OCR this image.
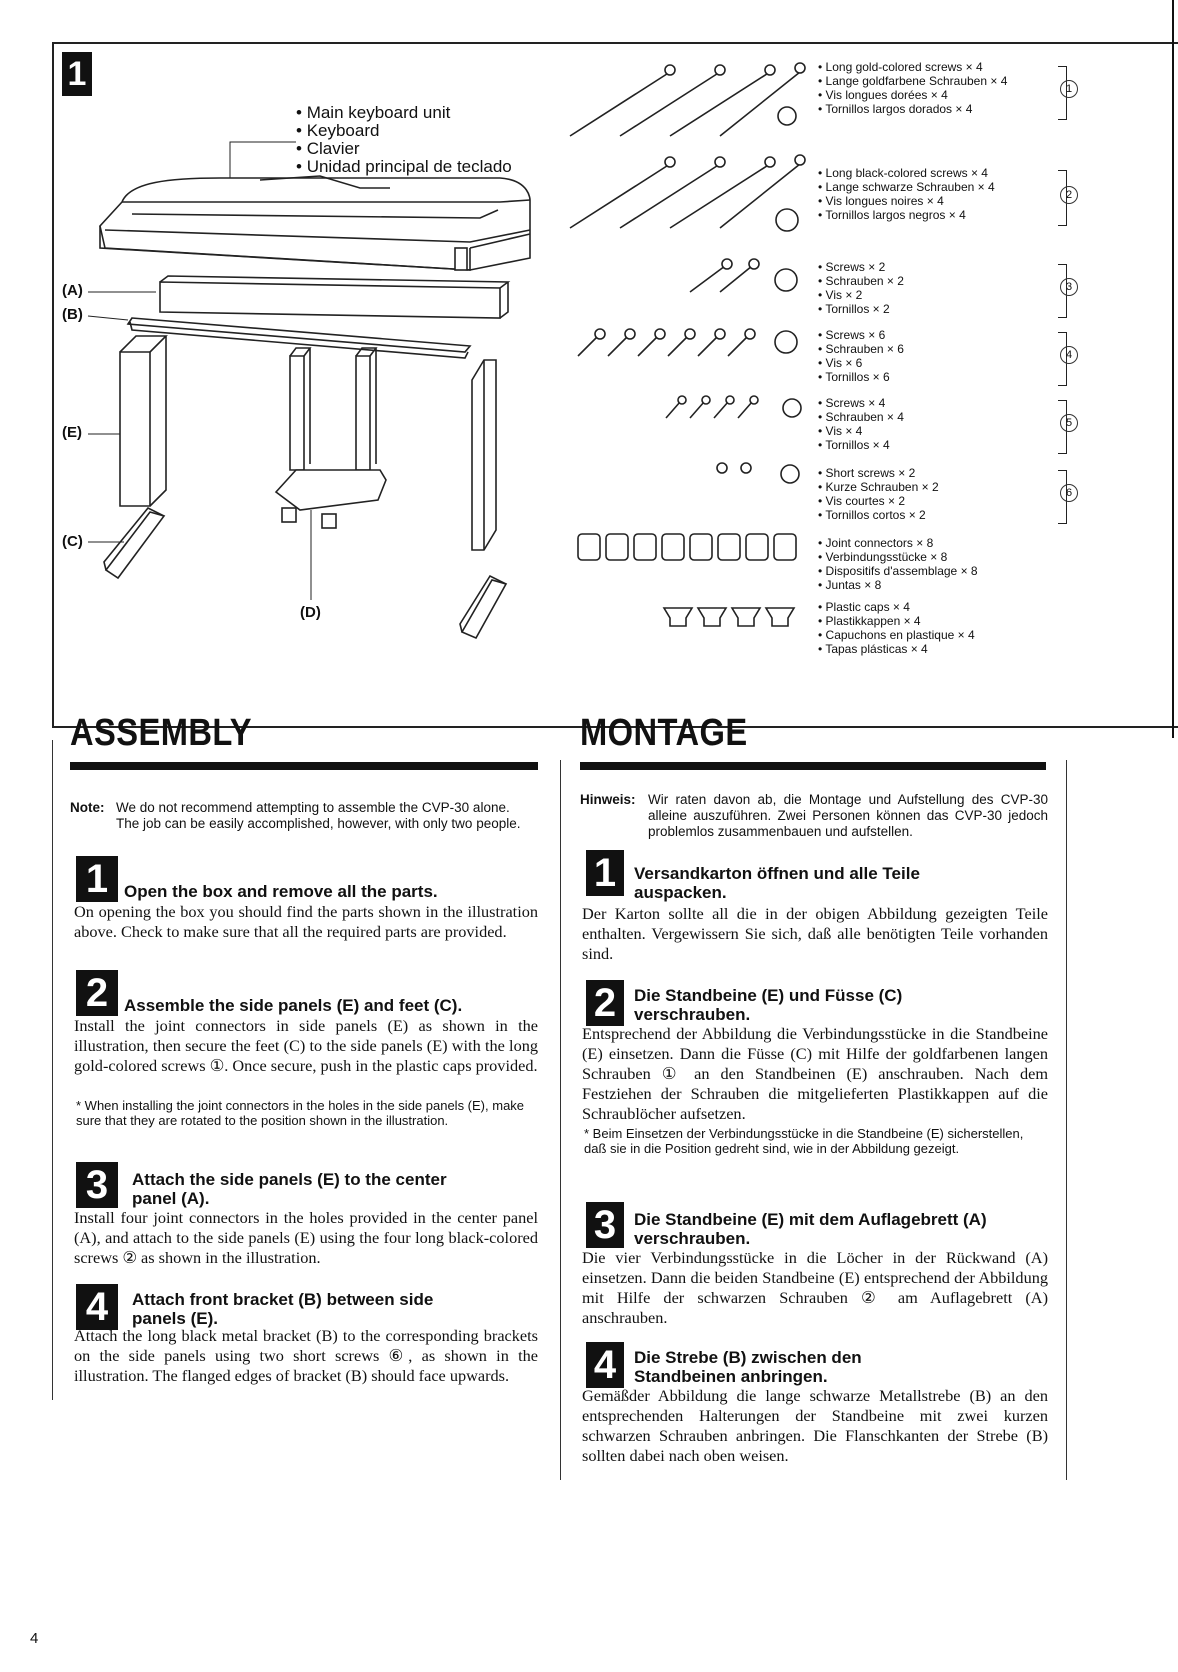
1
• Main keyboard unit
• Keyboard
• Clavier
• Unidad principal de teclado
(A)
(B)
(E)
(C)
(D)
• Long gold-colored screws × 4
• Lange goldfarbene Schrauben × 4
• Vis longues dorées × 4
• Tornillos largos dorados × 4
• Long black-colored screws × 4
• Lange schwarze Schrauben × 4
• Vis longues noires × 4
• Tornillos largos negros × 4
• Screws × 2
• Schrauben × 2
• Vis × 2
• Tornillos × 2
• Screws × 6
• Schrauben × 6
• Vis × 6
• Tornillos × 6
• Screws × 4
• Schrauben × 4
• Vis × 4
• Tornillos × 4
• Short screws × 2
• Kurze Schrauben × 2
• Vis courtes × 2
• Tornillos cortos × 2
• Joint connectors × 8
• Verbindungsstücke × 8
• Dispositifs d'assemblage × 8
• Juntas × 8
• Plastic caps × 4
• Plastikkappen × 4
• Capuchons en plastique × 4
• Tapas plásticas × 4
1
2
3
4
5
6
ASSEMBLY
Note: We do not recommend attempting to assemble the CVP-30 alone. The job can be easily accomplished, however, with only two people.
1 Open the box and remove all the parts.
On opening the box you should find the parts shown in the illustration above. Check to make sure that all the required parts are provided.
2 Assemble the side panels (E) and feet (C).
Install the joint connectors in side panels (E) as shown in the illustration, then secure the feet (C) to the side panels (E) with the long gold-colored screws ①. Once secure, push in the plastic caps provided.
* When installing the joint connectors in the holes in the side panels (E), make sure that they are rotated to the position shown in the illustration.
3	Attach the side panels (E) to the center panel (A).
Install four joint connectors in the holes provided in the center panel (A), and attach to the side panels (E) using the four long black-colored screws ② as shown in the illustration.
4	Attach front bracket (B) between side panels (E).
Attach the long black metal bracket (B) to the corresponding brackets on the side panels using two short screws ⑥, as shown in the illustration. The flanged edges of bracket (B) should face upwards.
MONTAGE
Hinweis: Wir raten davon ab, die Montage und Aufstellung des CVP-30 alleine auszuführen. Zwei Personen können das CVP-30 jedoch problemlos zusammenbauen und aufstellen.
1	Versandkarton öffnen und alle Teile auspacken.
Der Karton sollte all die in der obigen Abbildung gezeigten Teile enthalten. Vergewissern Sie sich, daß alle benötigten Teile vorhanden sind.
2	Die Standbeine (E) und Füsse (C) verschrauben.
Entsprechend der Abbildung die Verbindungsstücke in die Standbeine (E) einsetzen. Dann die Füsse (C) mit Hilfe der goldfarbenen langen Schrauben ① an den Standbeinen (E) anschrauben. Nach dem Festziehen der Schrauben die mitgelieferten Plastikkappen auf die Schraublöcher aufsetzen.
* Beim Einsetzen der Verbindungsstücke in die Standbeine (E) sicherstellen, daß sie in die Position gedreht sind, wie in der Abbildung gezeigt.
3	Die Standbeine (E) mit dem Auflagebrett (A) verschrauben.
Die vier Verbindungsstücke in die Löcher in der Rückwand (A) einsetzen. Dann die beiden Standbeine (E) entsprechend der Abbildung mit Hilfe der schwarzen Schrauben ② am Auflagebrett (A) anschrauben.
4	Die Strebe (B) zwischen den Standbeinen anbringen.
Gemäßder Abbildung die lange schwarze Metallstrebe (B) an den entsprechenden Halterungen der Standbeine mit zwei kurzen schwarzen Schrauben anbringen. Die Flanschkanten der Strebe (B) sollten dabei nach oben weisen.
4
